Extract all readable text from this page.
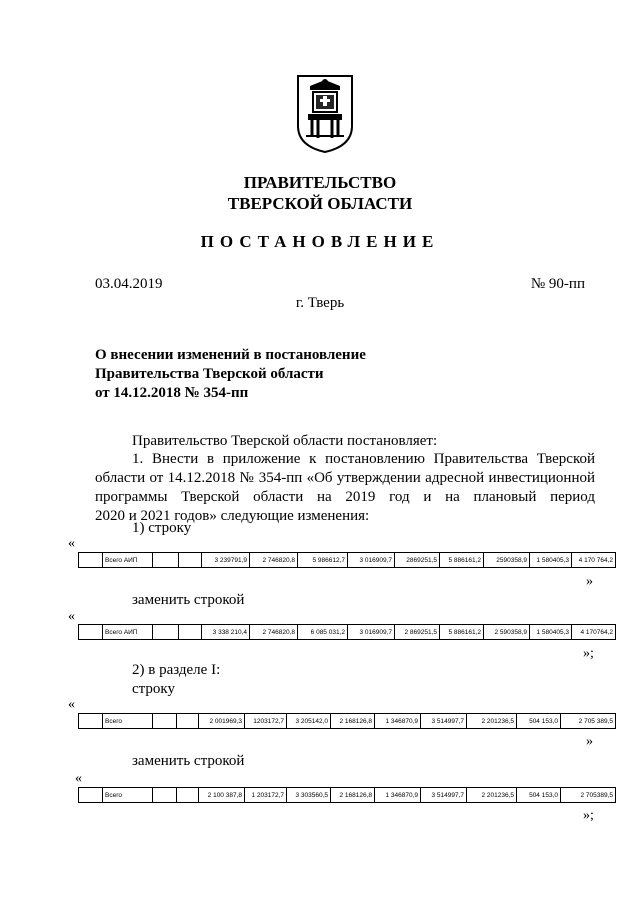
ПРАВИТЕЛЬСТВО
ТВЕРСКОЙ ОБЛАСТИ
ПОСТАНОВЛЕНИЕ
03.04.2019	№ 90-пп
г. Тверь
О внесении изменений в постановление
Правительства Тверской области
от 14.12.2018 № 354-пп
Правительство Тверской области постановляет:
1. Внести в приложение к постановлению Правительства Тверской
области от 14.12.2018 № 354-пп «Об утверждении адресной инвестиционной
программы Тверской области на 2019 год и на плановый период
2020 и 2021 годов» следующие изменения:
1) строку
«
	Всего АИП			3 239791,9	2 746820,8	5 986612,7	3 016909,7	2869251,5	5 886161,2	2590358,9	1 580405,3	4 170 764,2
»
заменить строкой
«
	Всего АИП			3 338 210,4	2 746820,8	6 085 031,2	3 016909,7	2 869251,5	5 886161,2	2 590358,9	1 580405,3	4 170764,2
»;
2) в разделе I:
строку
«
	Всего			2 001969,3	1203172,7	3 205142,0	2 168126,8	1 346870,9	3 514997,7	2 201236,5	504 153,0	2 705 389,5
»
заменить строкой
«
	Всего			2 100 387,8	1 203172,7	3 303560,5	2 168126,8	1 346870,9	3 514997,7	2 201236,5	504 153,0	2 705389,5
»;
